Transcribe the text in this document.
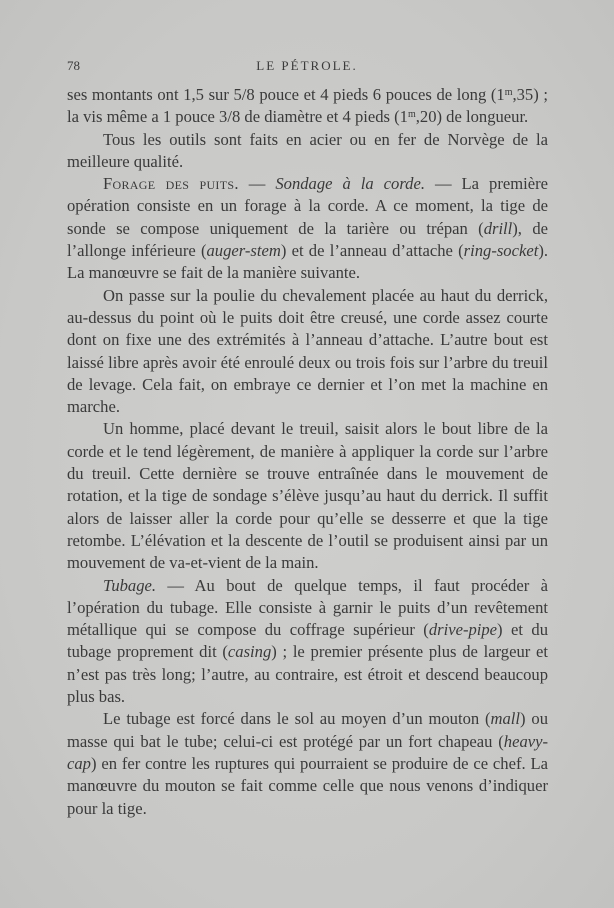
78	LE PÉTROLE.

ses montants ont 1,5 sur 5/8 pouce et 4 pieds 6 pouces de long (1$^m$,35) ; la vis même a 1 pouce 3/8 de diamètre et 4 pieds (1$^m$,20) de longueur.

Tous les outils sont faits en acier ou en fer de Norvège de la meilleure qualité.

Forage des puits. — Sondage à la corde. — La première opération consiste en un forage à la corde. A ce moment, la tige de sonde se compose uniquement de la tarière ou trépan (drill), de l’allonge inférieure (auger-stem) et de l’anneau d’attache (ring-socket). La manœuvre se fait de la manière suivante.

On passe sur la poulie du chevalement placée au haut du derrick, au-dessus du point où le puits doit être creusé, une corde assez courte dont on fixe une des extrémités à l’anneau d’attache. L’autre bout est laissé libre après avoir été enroulé deux ou trois fois sur l’arbre du treuil de levage. Cela fait, on embraye ce dernier et l’on met la machine en marche.

Un homme, placé devant le treuil, saisit alors le bout libre de la corde et le tend légèrement, de manière à appliquer la corde sur l’arbre du treuil. Cette dernière se trouve entraînée dans le mouvement de rotation, et la tige de sondage s’élève jusqu’au haut du derrick. Il suffit alors de laisser aller la corde pour qu’elle se desserre et que la tige retombe. L’élévation et la descente de l’outil se produisent ainsi par un mouvement de va-et-vient de la main.

Tubage. — Au bout de quelque temps, il faut procéder à l’opération du tubage. Elle consiste à garnir le puits d’un revêtement métallique qui se compose du coffrage supérieur (drive-pipe) et du tubage proprement dit (casing) ; le premier présente plus de largeur et n’est pas très long; l’autre, au contraire, est étroit et descend beaucoup plus bas.

Le tubage est forcé dans le sol au moyen d’un mouton (mall) ou masse qui bat le tube; celui-ci est protégé par un fort chapeau (heavy-cap) en fer contre les ruptures qui pourraient se produire de ce chef. La manœuvre du mouton se fait comme celle que nous venons d’indiquer pour la tige.
